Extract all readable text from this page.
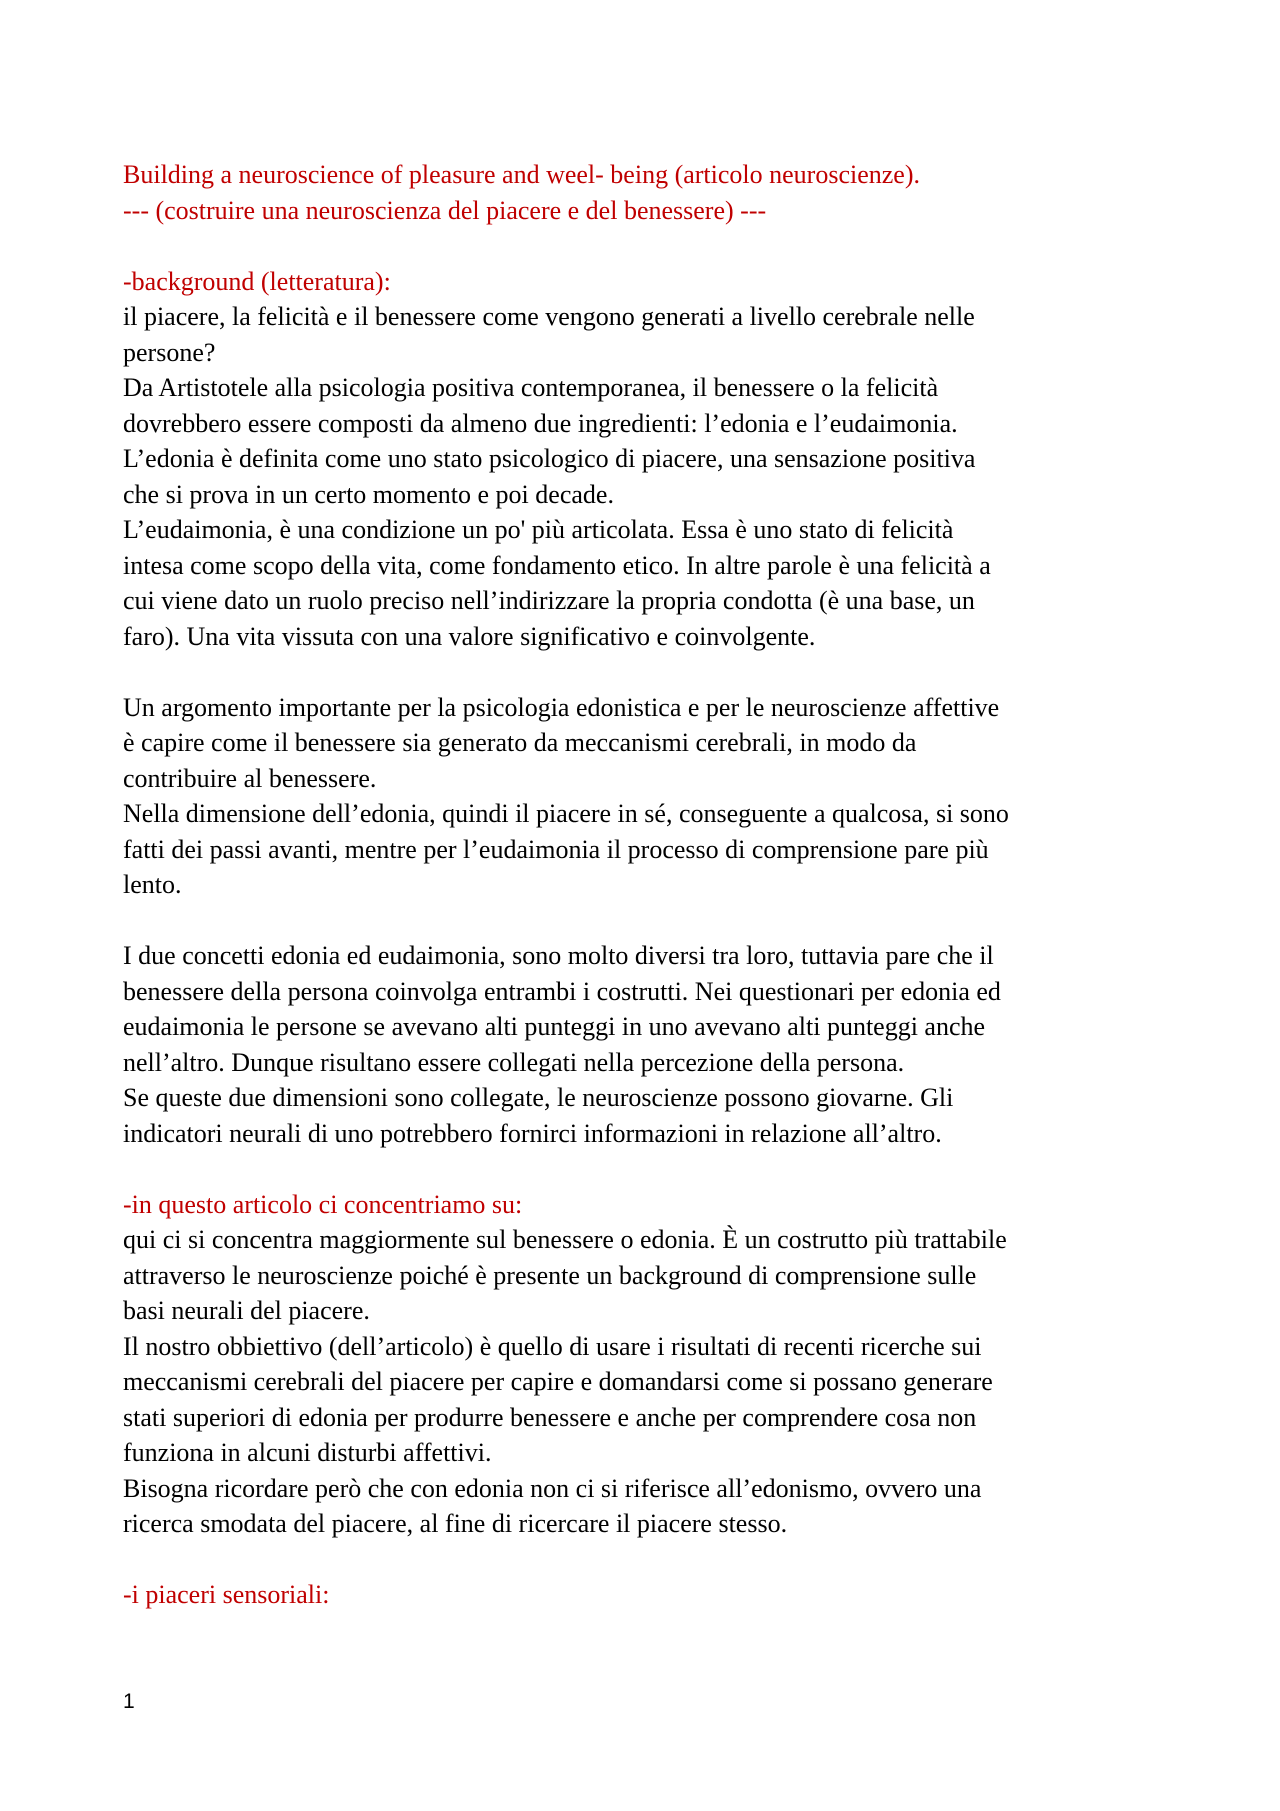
Building a neuroscience of pleasure and weel- being (articolo neuroscienze).
--- (costruire una neuroscienza del piacere e del benessere) ---
-background (letteratura):
il piacere, la felicità e il benessere come vengono generati a livello cerebrale nelle
persone?
Da Artistotele alla psicologia positiva contemporanea, il benessere o la felicità
dovrebbero essere composti da almeno due ingredienti: l’edonia e l’eudaimonia.
L’edonia è definita come uno stato psicologico di piacere, una sensazione positiva
che si prova in un certo momento e poi decade.
L’eudaimonia, è una condizione un po' più articolata. Essa è uno stato di felicità
intesa come scopo della vita, come fondamento etico. In altre parole è una felicità a
cui viene dato un ruolo preciso nell’indirizzare la propria condotta (è una base, un
faro). Una vita vissuta con una valore significativo e coinvolgente.
Un argomento importante per la psicologia edonistica e per le neuroscienze affettive
è capire come il benessere sia generato da meccanismi cerebrali, in modo da
contribuire al benessere.
Nella dimensione dell’edonia, quindi il piacere in sé, conseguente a qualcosa, si sono
fatti dei passi avanti, mentre per l’eudaimonia il processo di comprensione pare più
lento.
I due concetti edonia ed eudaimonia, sono molto diversi tra loro, tuttavia pare che il
benessere della persona coinvolga entrambi i costrutti. Nei questionari per edonia ed
eudaimonia le persone se avevano alti punteggi in uno avevano alti punteggi anche
nell’altro. Dunque risultano essere collegati nella percezione della persona.
Se queste due dimensioni sono collegate, le neuroscienze possono giovarne. Gli
indicatori neurali di uno potrebbero fornirci informazioni in relazione all’altro.
-in questo articolo ci concentriamo su:
qui ci si concentra maggiormente sul benessere o edonia. È un costrutto più trattabile
attraverso le neuroscienze poiché è presente un background di comprensione sulle
basi neurali del piacere.
Il nostro obbiettivo (dell’articolo) è quello di usare i risultati di recenti ricerche sui
meccanismi cerebrali del piacere per capire e domandarsi come si possano generare
stati superiori di edonia per produrre benessere e anche per comprendere cosa non
funziona in alcuni disturbi affettivi.
Bisogna ricordare però che con edonia non ci si riferisce all’edonismo, ovvero una
ricerca smodata del piacere, al fine di ricercare il piacere stesso.
-i piaceri sensoriali:
1
